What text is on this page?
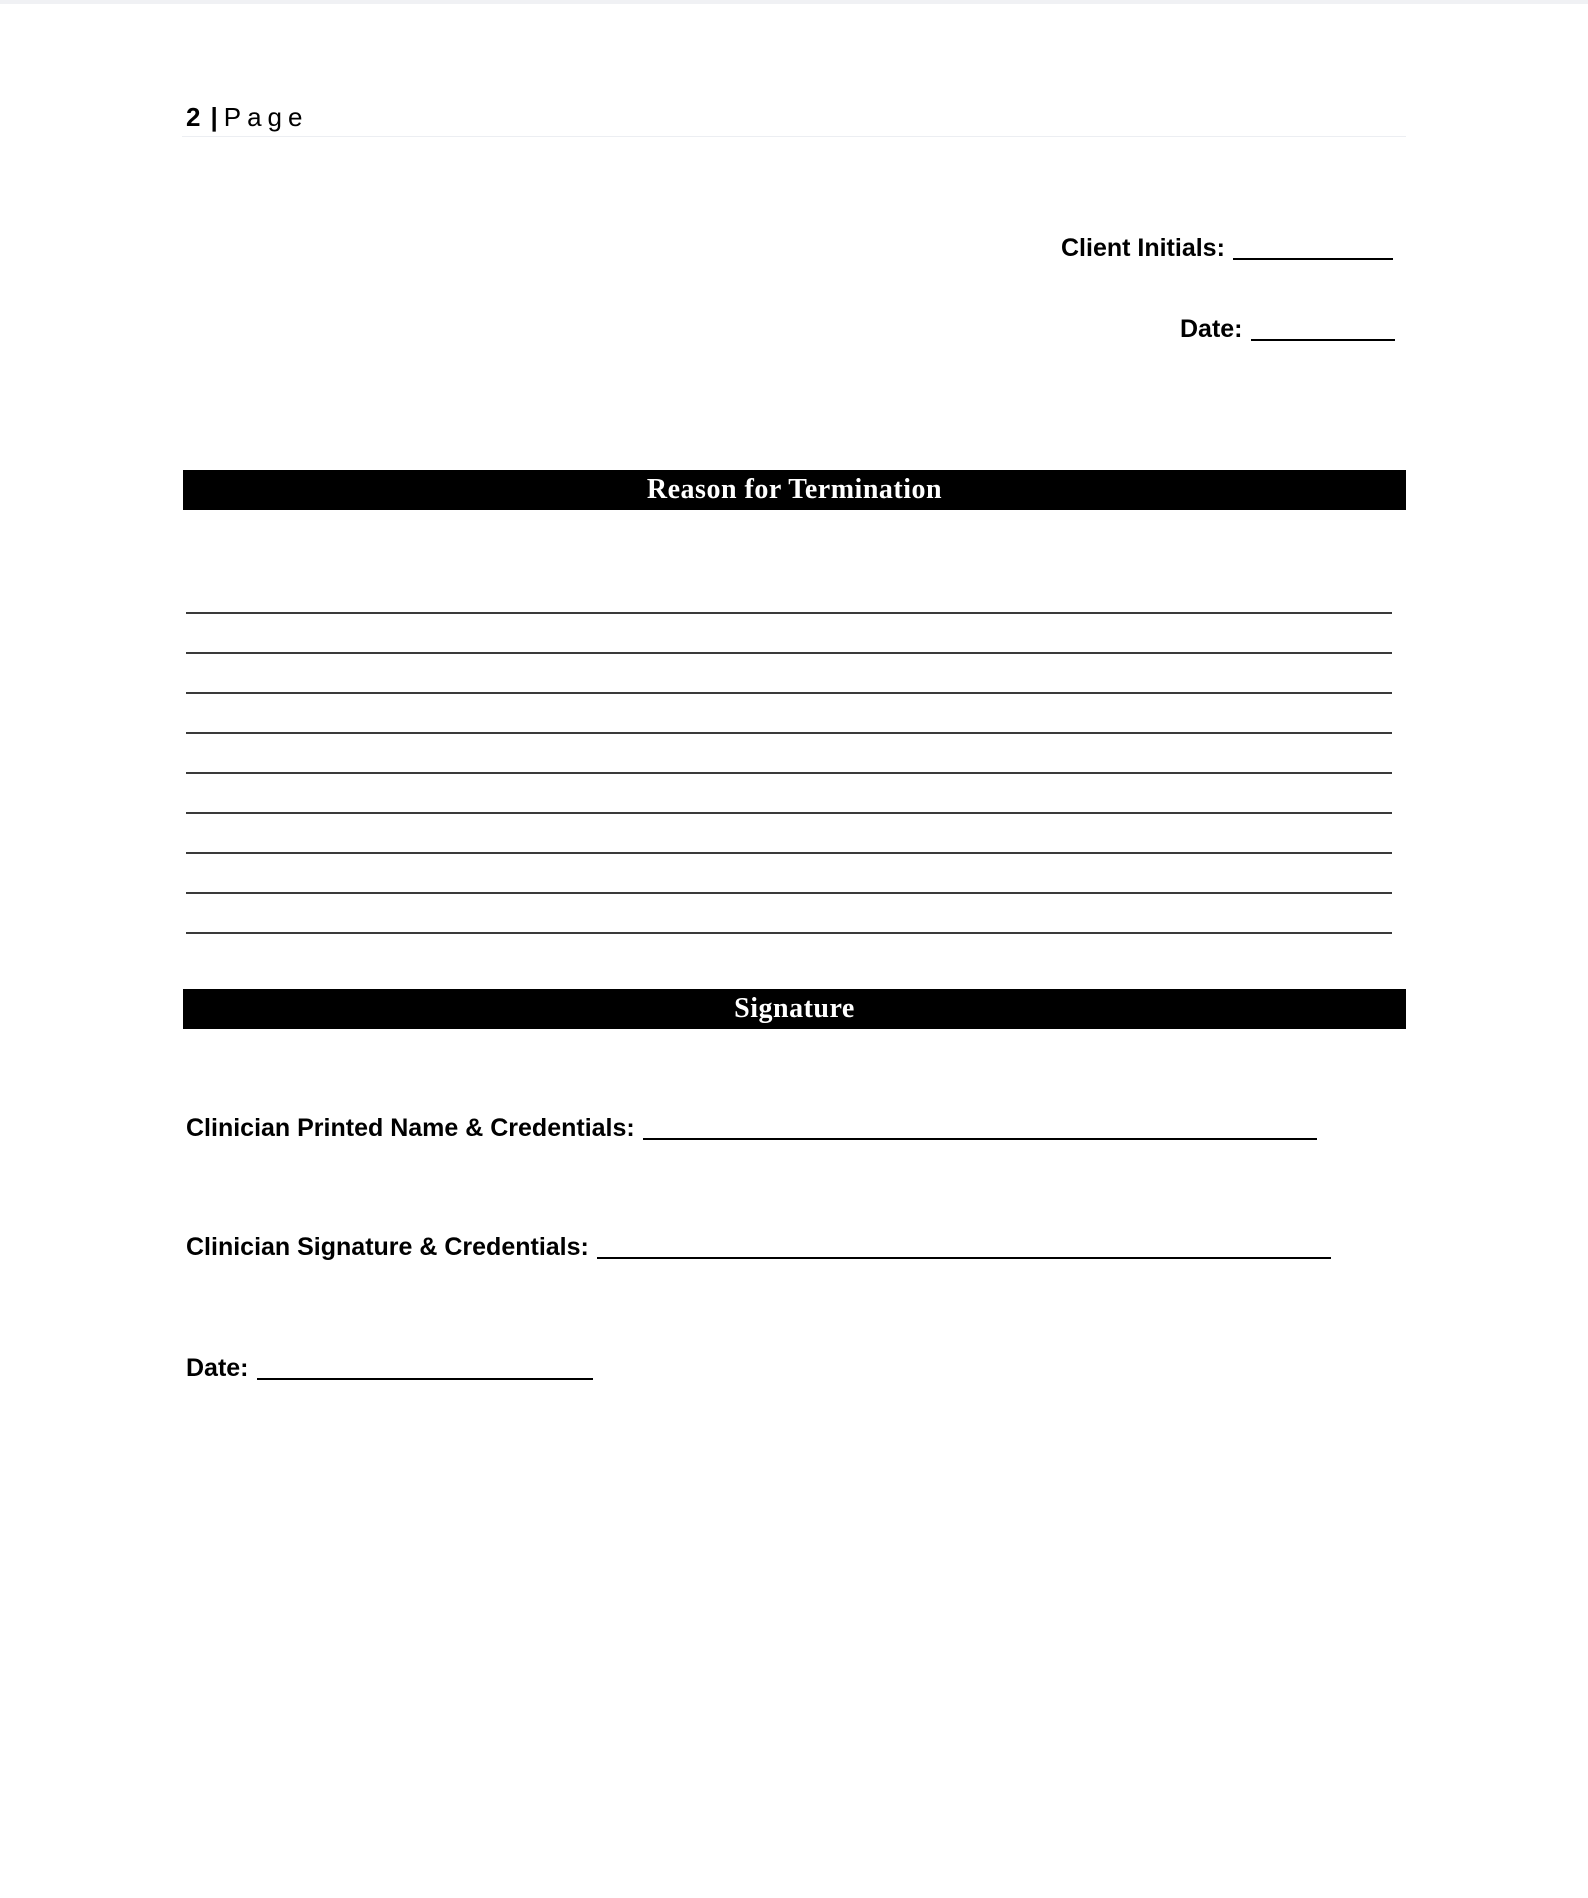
2 | Page
Client Initials:
Date:
Reason for Termination
Signature
Clinician Printed Name & Credentials:
Clinician Signature & Credentials:
Date:
